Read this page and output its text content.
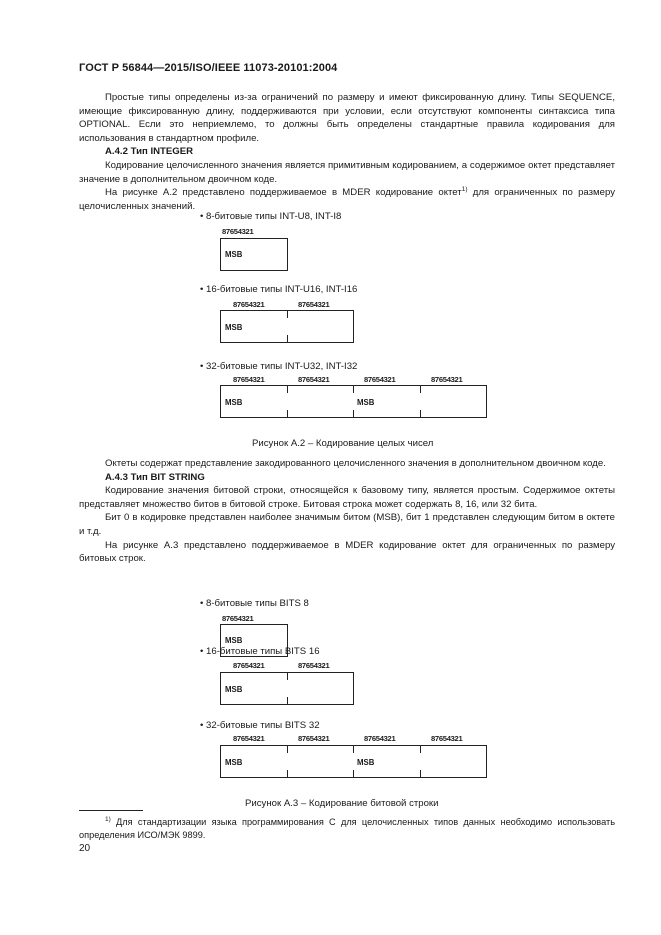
ГОСТ Р 56844—2015/ISO/IEEE 11073-20101:2004

Простые типы определены из-за ограничений по размеру и имеют фиксированную длину. Типы SEQUENCE, имеющие фиксированную длину, поддерживаются при условии, если отсутствуют компоненты синтаксиса типа OPTIONAL. Если это неприемлемо, то должны быть определены стандартные правила кодирования для использования в стандартном профиле.

А.4.2 Тип INTEGER

Кодирование целочисленного значения является примитивным кодированием, а содержимое октет представляет значение в дополнительном двоичном коде.

На рисунке А.2 представлено поддерживаемое в MDER кодирование октет$^{1)}$ для ограниченных по размеру целочисленных значений.

• 8-битовые типы INT-U8, INT-I8
87654321
MSB
• 16-битовые типы INT-U16, INT-I16
87654321	87654321
MSB
• 32-битовые типы INT-U32, INT-I32
87654321	87654321	87654321	87654321
MSB	MSB
Рисунок А.2 – Кодирование целых чисел

Октеты содержат представление закодированного целочисленного значения в дополнительном двоичном коде.

А.4.3 Тип BIT STRING

Кодирование значения битовой строки, относящейся к базовому типу, является простым. Содержимое октеты представляет множество битов в битовой строке. Битовая строка может содержать 8, 16, или 32 бита.

Бит 0 в кодировке представлен наиболее значимым битом (MSB), бит 1 представлен следующим битом в октете и т.д.

На рисунке А.3 представлено поддерживаемое в MDER кодирование октет для ограниченных по размеру битовых строк.

• 8-битовые типы BITS 8
87654321
MSB
• 16-битовые типы BITS 16
87654321	87654321
MSB
• 32-битовые типы BITS 32
87654321	87654321	87654321	87654321
MSB	MSB
Рисунок А.3 – Кодирование битовой строки

$^{1)}$ Для стандартизации языка программирования С для целочисленных типов данных необходимо использовать определения ИСО/МЭК 9899.

20
